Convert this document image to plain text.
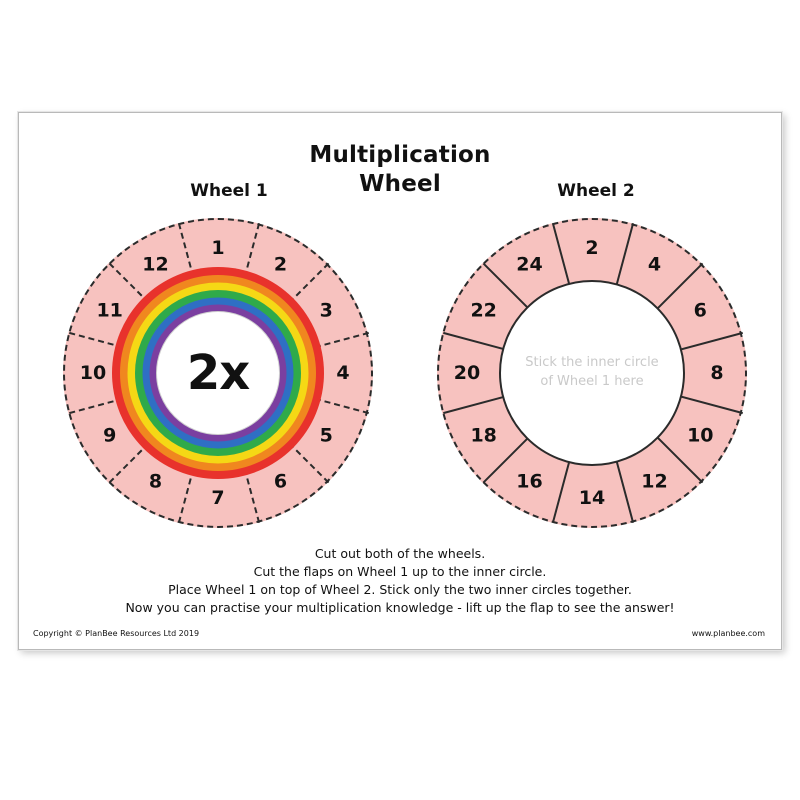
Multiplication
Wheel
Wheel 1	Wheel 2
2x
1
2
3
4
5
6
7
8
9
10
11
12
Stick the inner circle
of Wheel 1 here
2
4
6
8
10
12
14
16
18
20
22
24
Cut out both of the wheels.
Cut the flaps on Wheel 1 up to the inner circle.
Place Wheel 1 on top of Wheel 2. Stick only the two inner circles together.
Now you can practise your multiplication knowledge - lift up the flap to see the answer!
Copyright © PlanBee Resources Ltd 2019	www.planbee.com
